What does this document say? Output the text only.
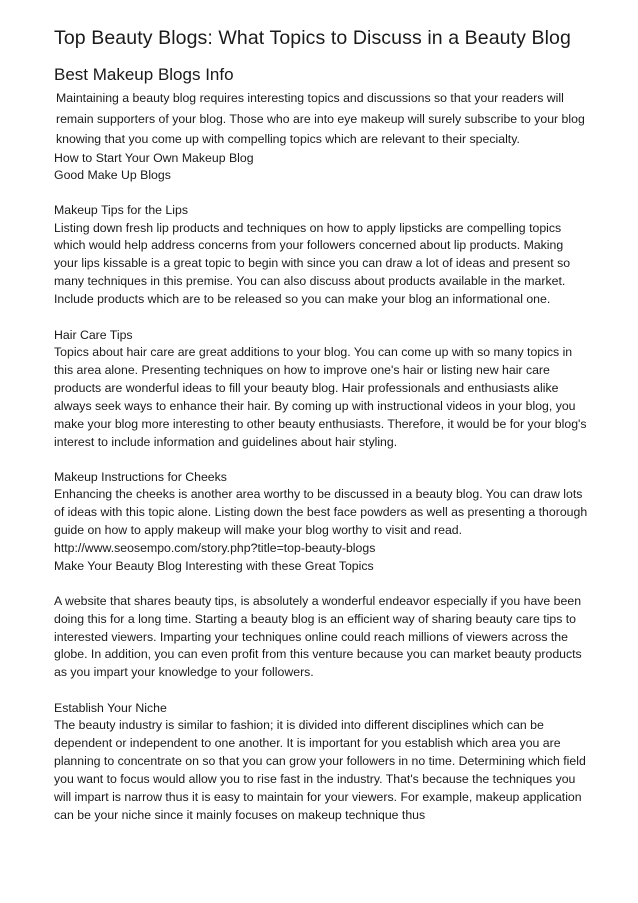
Top Beauty Blogs: What Topics to Discuss in a Beauty Blog
Best Makeup Blogs Info

Maintaining a beauty blog requires interesting topics and discussions so that your readers will remain supporters of your blog. Those who are into eye makeup will surely subscribe to your blog knowing that you come up with compelling topics which are relevant to their specialty.

How to Start Your Own Makeup Blog

Good Make Up Blogs

Makeup Tips for the Lips

Listing down fresh lip products and techniques on how to apply lipsticks are compelling topics which would help address concerns from your followers concerned about lip products. Making your lips kissable is a great topic to begin with since you can draw a lot of ideas and present so many techniques in this premise. You can also discuss about products available in the market. Include products which are to be released so you can make your blog an informational one.

Hair Care Tips

Topics about hair care are great additions to your blog. You can come up with so many topics in this area alone. Presenting techniques on how to improve one's hair or listing new hair care products are wonderful ideas to fill your beauty blog. Hair professionals and enthusiasts alike always seek ways to enhance their hair. By coming up with instructional videos in your blog, you make your blog more interesting to other beauty enthusiasts. Therefore, it would be for your blog's interest to include information and guidelines about hair styling.

Makeup Instructions for Cheeks

Enhancing the cheeks is another area worthy to be discussed in a beauty blog. You can draw lots of ideas with this topic alone. Listing down the best face powders as well as presenting a thorough guide on how to apply makeup will make your blog worthy to visit and read.

http://www.seosempo.com/story.php?title=top-beauty-blogs

Make Your Beauty Blog Interesting with these Great Topics

A website that shares beauty tips, is absolutely a wonderful endeavor especially if you have been doing this for a long time. Starting a beauty blog is an efficient way of sharing beauty care tips to interested viewers. Imparting your techniques online could reach millions of viewers across the globe. In addition, you can even profit from this venture because you can market beauty products as you impart your knowledge to your followers.

Establish Your Niche

The beauty industry is similar to fashion; it is divided into different disciplines which can be dependent or independent to one another. It is important for you establish which area you are planning to concentrate on so that you can grow your followers in no time. Determining which field you want to focus would allow you to rise fast in the industry. That's because the techniques you will impart is narrow thus it is easy to maintain for your viewers. For example, makeup application can be your niche since it mainly focuses on makeup technique thus
